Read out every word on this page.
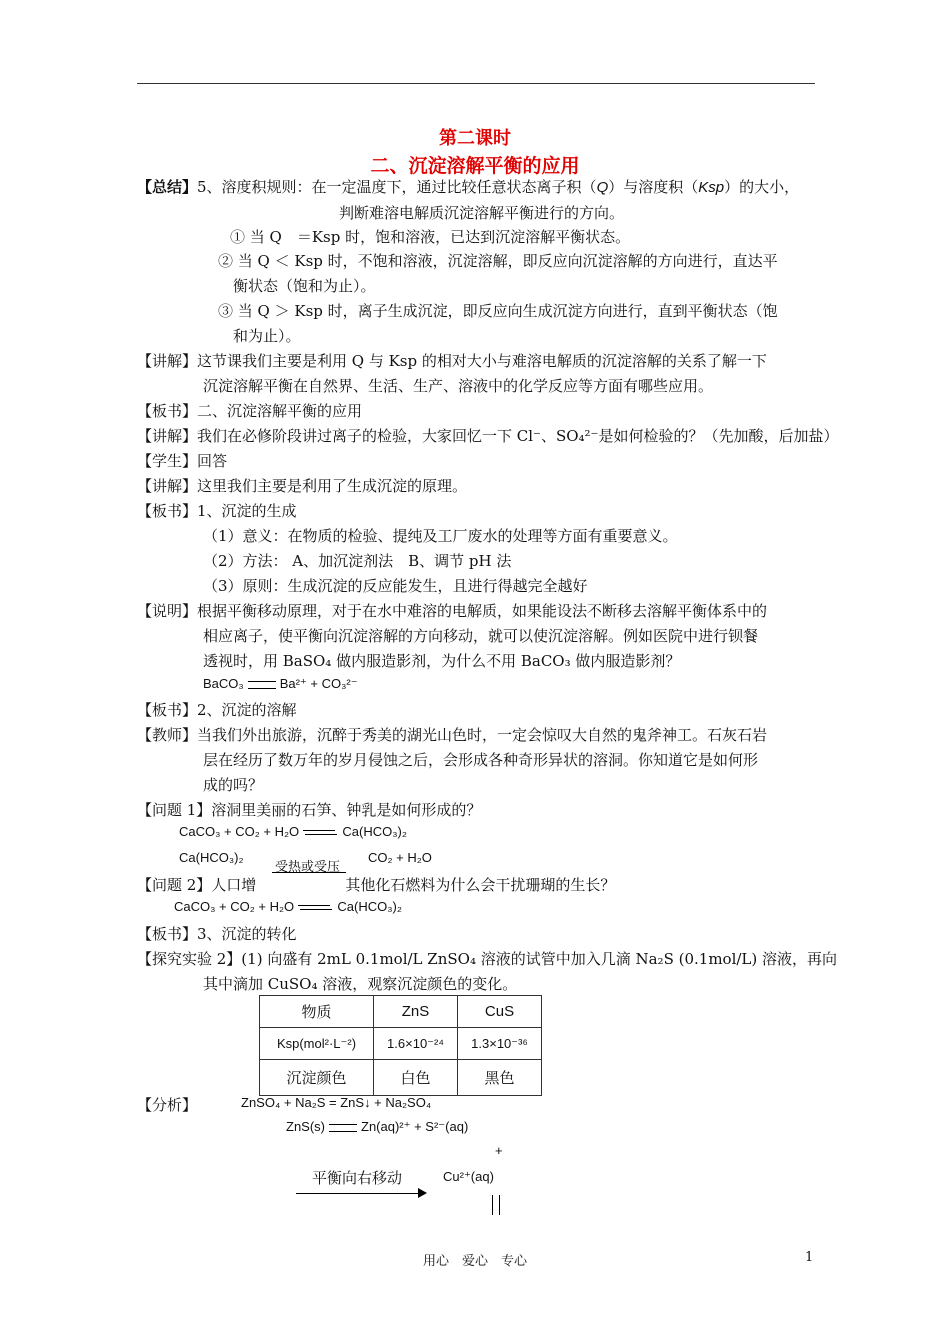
第二课时
二、沉淀溶解平衡的应用
【总结】5、溶度积规则：在一定温度下，通过比较任意状态离子积（Q）与溶度积（Ksp）的大小，
判断难溶电解质沉淀溶解平衡进行的方向。
① 当 Q　＝Ksp 时，饱和溶液，已达到沉淀溶解平衡状态。
② 当 Q ＜ Ksp 时，不饱和溶液，沉淀溶解，即反应向沉淀溶解的方向进行，直达平
衡状态（饱和为止）。
③ 当 Q ＞ Ksp 时，离子生成沉淀，即反应向生成沉淀方向进行，直到平衡状态（饱
和为止）。
【讲解】这节课我们主要是利用 Q 与 Ksp 的相对大小与难溶电解质的沉淀溶解的关系了解一下
沉淀溶解平衡在自然界、生活、生产、溶液中的化学反应等方面有哪些应用。
【板书】二、沉淀溶解平衡的应用
【讲解】我们在必修阶段讲过离子的检验，大家回忆一下 Cl⁻、SO₄²⁻是如何检验的？（先加酸，后加盐）
【学生】回答
【讲解】这里我们主要是利用了生成沉淀的原理。
【板书】1、沉淀的生成
（1）意义：在物质的检验、提纯及工厂废水的处理等方面有重要意义。
（2）方法： A、加沉淀剂法　B、调节 pH 法
（3）原则：生成沉淀的反应能发生，且进行得越完全越好
【说明】根据平衡移动原理，对于在水中难溶的电解质，如果能设法不断移去溶解平衡体系中的
相应离子，使平衡向沉淀溶解的方向移动，就可以使沉淀溶解。例如医院中进行钡餐
透视时，用 BaSO₄ 做内服造影剂，为什么不用 BaCO₃ 做内服造影剂？
BaCO₃	Ba²⁺ + CO₃²⁻
【板书】2、沉淀的溶解
【教师】当我们外出旅游，沉醉于秀美的湖光山色时，一定会惊叹大自然的鬼斧神工。石灰石岩
层在经历了数万年的岁月侵蚀之后，会形成各种奇形异状的溶洞。你知道它是如何形
成的吗？
【问题 1】溶洞里美丽的石笋、钟乳是如何形成的？
CaCO₃ + CO₂ + H₂O	Ca(HCO₃)₂
Ca(HCO₃)₂
受热或受压
CO₂ + H₂O
【问题 2】人口增	其他化石燃料为什么会干扰珊瑚的生长？
CaCO₃ + CO₂ + H₂O	Ca(HCO₃)₂
【板书】3、沉淀的转化
【探究实验 2】(1) 向盛有 2mL 0.1mol/L ZnSO₄ 溶液的试管中加入几滴 Na₂S (0.1mol/L) 溶液，再向
其中滴加 CuSO₄ 溶液，观察沉淀颜色的变化。
物质	ZnS	CuS
Ksp(mol²·L⁻²)	1.6×10⁻²⁴	1.3×10⁻³⁶
沉淀颜色	白色	黑色
【分析】	ZnSO₄ + Na₂S = ZnS↓ + Na₂SO₄
ZnS(s)	Zn(aq)²⁺ + S²⁻(aq)
+
平衡向右移动	Cu²⁺(aq)
用心　爱心　专心	1
